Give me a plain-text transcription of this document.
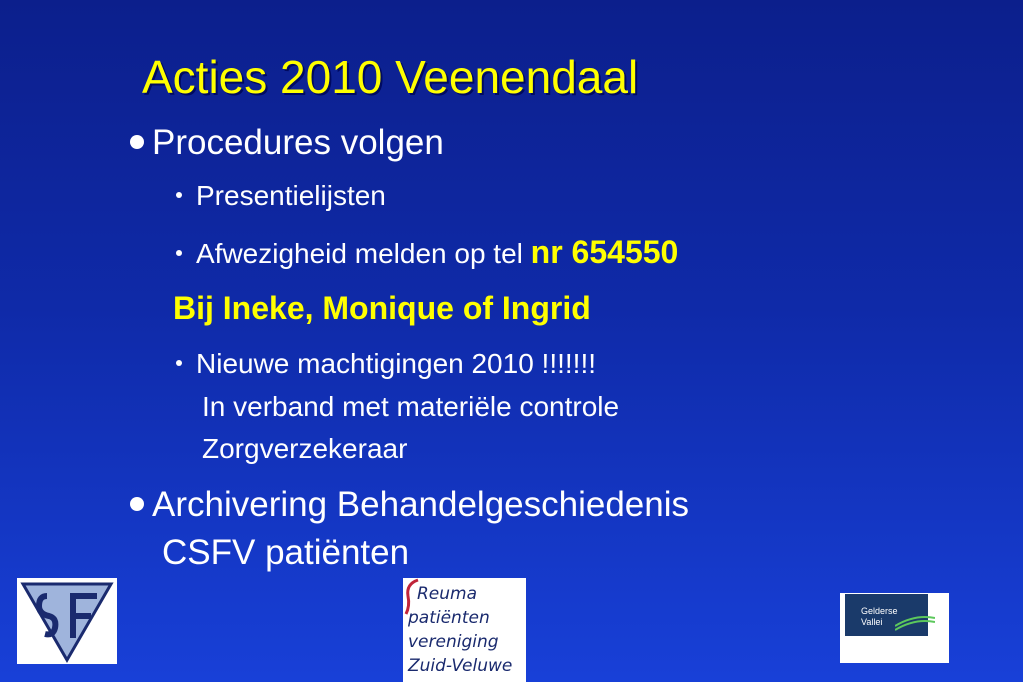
Acties 2010 Veenendaal
Procedures volgen
Presentielijsten
Afwezigheid melden op tel nr 654550
Bij Ineke, Monique of Ingrid
Nieuwe machtigingen 2010 !!!!!!!
In verband met materiële controle
Zorgverzekeraar
Archivering Behandelgeschiedenis
CSFV patiënten
Reuma
patiënten
vereniging
Zuid-Veluwe
Gelderse
Vallei
